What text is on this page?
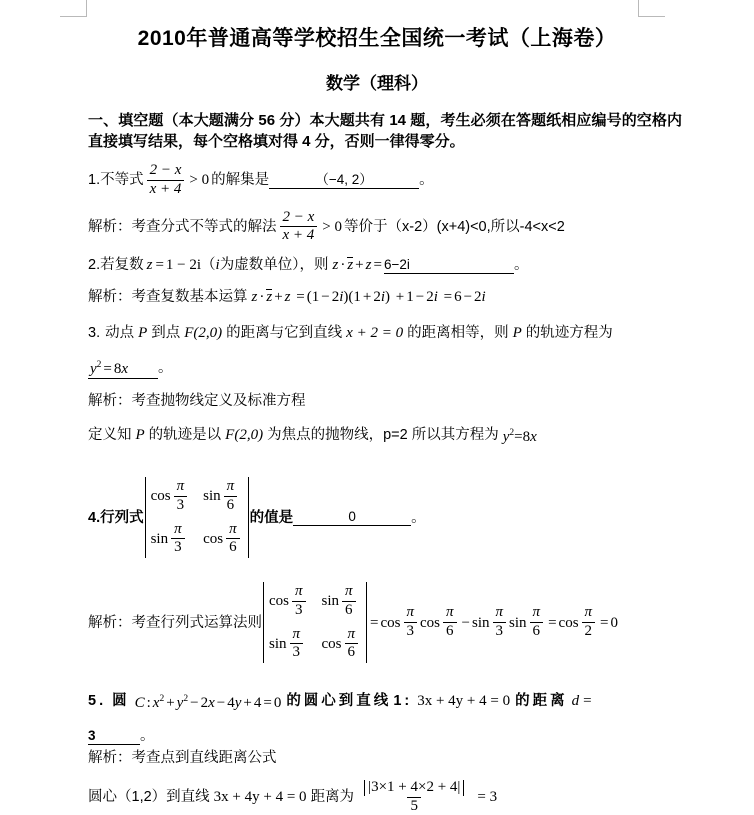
2010年普通高等学校招生全国统一考试（上海卷）
数学（理科）
一、填空题（本大题满分 56 分）本大题共有 14 题，考生必须在答题纸相应编号的空格内 直接填写结果，每个空格填对得 4 分，否则一律得零分。
1. 不等式 $\frac{2 - x}{x + 4} > 0$ 的解集是	（−4, 2）	。
解析： 考查分式不等式的解法 $\frac{2 - x}{x + 4} > 0$ 等价于（x-2）(x+4)<0,所以-4<x<2
2. 若复数 z = 1 − 2i （ i 为虚数单位），则 z · z + z = 6−2i	。
解析： 考查复数基本运算 z · z + z = (1 − 2i)(1 + 2i) + 1 − 2i = 6 − 2i
3. 动点 P 到点 F(2,0) 的距离与它到直线 x + 2 = 0 的距离相等，则 P 的轨迹方程为
$y^2 = 8x$	。
解析： 考查抛物线定义及标准方程
定义知 P 的轨迹是以 F(2,0) 为焦点的抛物线，p=2 所以其方程为 $y^2=8x$
4. 行列式
$\cos \frac{\pi}{3}$ $\sin \frac{\pi}{6}$
$\sin \frac{\pi}{3}$ $\cos \frac{\pi}{6}$
的值是	0	。
解析： 考查行列式运算法则
$\cos \frac{\pi}{3}$ $\sin \frac{\pi}{6}$
$\sin \frac{\pi}{3}$ $\cos \frac{\pi}{6}$
= $\cos \frac{\pi}{3}$ $\cos \frac{\pi}{6} - \sin \frac{\pi}{3}$ $\sin \frac{\pi}{6} = \cos \frac{\pi}{2} = 0$
5. 圆 C : $x^2 + y^2 - 2x - 4y + 4 = 0$ 的圆心到直线 1: 3x + 4y + 4 = 0 的距离 d =
3	。
解析： 考查点到直线距离公式
圆心（1,2）到直线 3x + 4y + 4 = 0 距离为 $\frac{|3\times 1 + 4\times 2 + 4|}{5} = 3$
